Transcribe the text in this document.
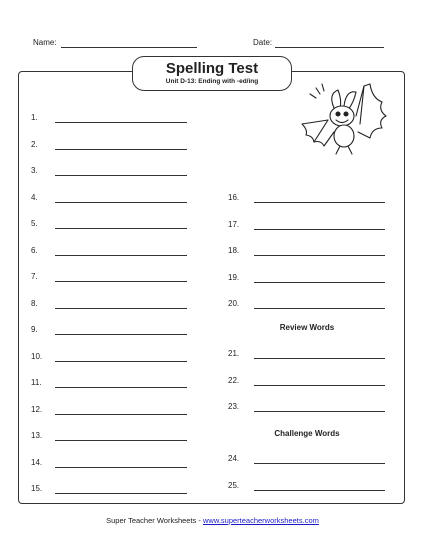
Name:	Date:
Spelling Test
Unit D-13: Ending with -ed/ing
1.
2.
3.
4.
5.
6.
7.
8.
9.
10.
11.
12.
13.
14.
15.
16.
17.
18.
19.
20.
21.
22.
23.
24.
25.
Review Words
Challenge Words
Super Teacher Worksheets - www.superteacherworksheets.com
